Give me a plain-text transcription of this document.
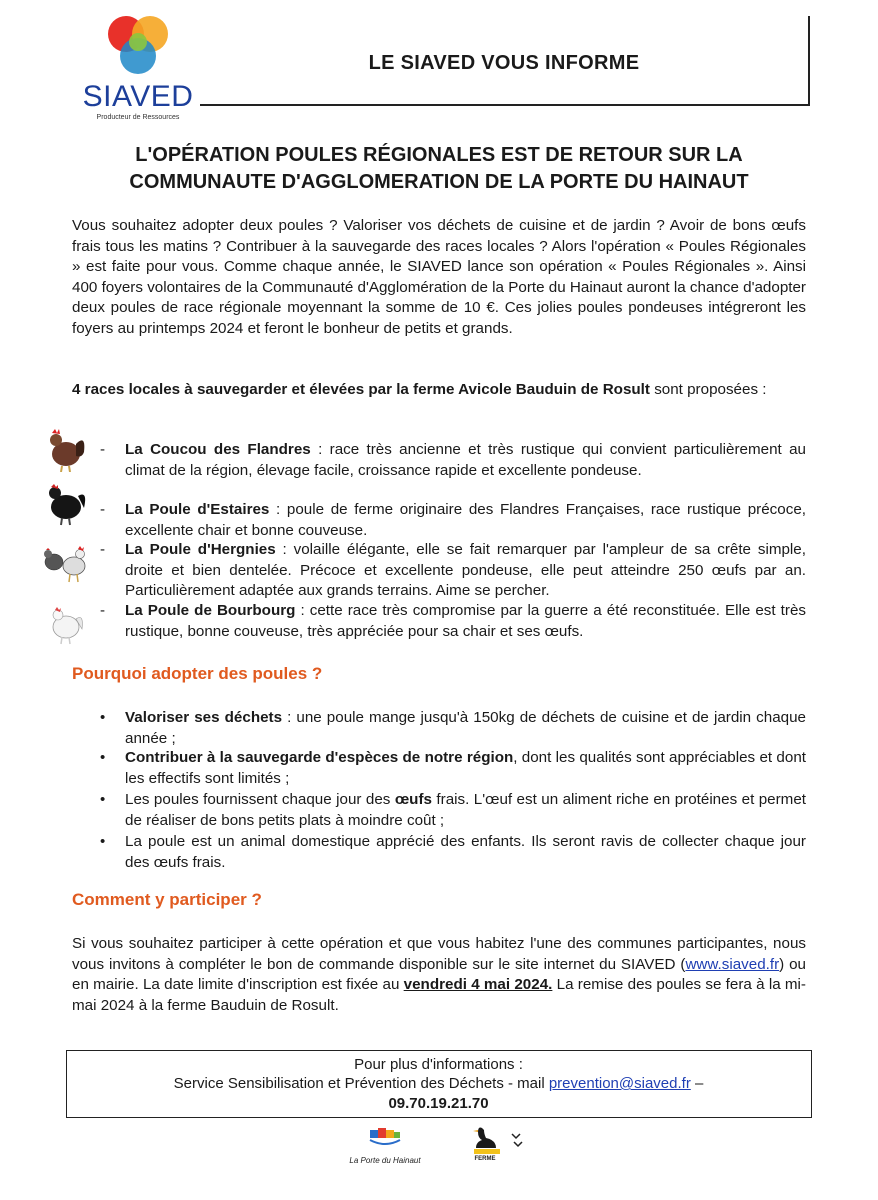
SIAVED
Producteur de Ressources
LE SIAVED VOUS INFORME
L'OPÉRATION POULES RÉGIONALES EST DE RETOUR SUR LA
COMMUNAUTE D'AGGLOMERATION DE LA PORTE DU HAINAUT
Vous souhaitez adopter deux poules ? Valoriser vos déchets de cuisine et de jardin ? Avoir de bons œufs frais tous les matins ? Contribuer à la sauvegarde des races locales ? Alors l'opération « Poules Régionales » est faite pour vous. Comme chaque année, le SIAVED lance son opération « Poules Régionales ». Ainsi 400 foyers volontaires de la Communauté d'Agglomération de la Porte du Hainaut auront la chance d'adopter deux poules de race régionale moyennant la somme de 10 €. Ces jolies poules pondeuses intégreront les foyers au printemps 2024 et feront le bonheur de petits et grands.
4 races locales à sauvegarder et élevées par la ferme Avicole Bauduin de Rosult sont proposées :
- La Coucou des Flandres : race très ancienne et très rustique qui convient particulièrement au climat de la région, élevage facile, croissance rapide et excellente pondeuse.
- La Poule d'Estaires : poule de ferme originaire des Flandres Françaises, race rustique précoce, excellente chair et bonne couveuse.
- La Poule d'Hergnies : volaille élégante, elle se fait remarquer par l'ampleur de sa crête simple, droite et bien dentelée. Précoce et excellente pondeuse, elle peut atteindre 250 œufs par an. Particulièrement adaptée aux grands terrains. Aime se percher.
- La Poule de Bourbourg : cette race très compromise par la guerre a été reconstituée. Elle est très rustique, bonne couveuse, très appréciée pour sa chair et ses œufs.
Pourquoi adopter des poules ?
• Valoriser ses déchets : une poule mange jusqu'à 150kg de déchets de cuisine et de jardin chaque année ;
• Contribuer à la sauvegarde d'espèces de notre région, dont les qualités sont appréciables et dont les effectifs sont limités ;
• Les poules fournissent chaque jour des œufs frais. L'œuf est un aliment riche en protéines et permet de réaliser de bons petits plats à moindre coût ;
• La poule est un animal domestique apprécié des enfants. Ils seront ravis de collecter chaque jour des œufs frais.
Comment y participer ?
Si vous souhaitez participer à cette opération et que vous habitez l'une des communes participantes, nous vous invitons à compléter le bon de commande disponible sur le site internet du SIAVED (www.siaved.fr) ou en mairie. La date limite d'inscription est fixée au vendredi 4 mai 2024. La remise des poules se fera à la mi-mai 2024 à la ferme Bauduin de Rosult.
Pour plus d'informations :
Service Sensibilisation et Prévention des Déchets - mail prevention@siaved.fr –
09.70.19.21.70
La Porte du Hainaut	FERME
